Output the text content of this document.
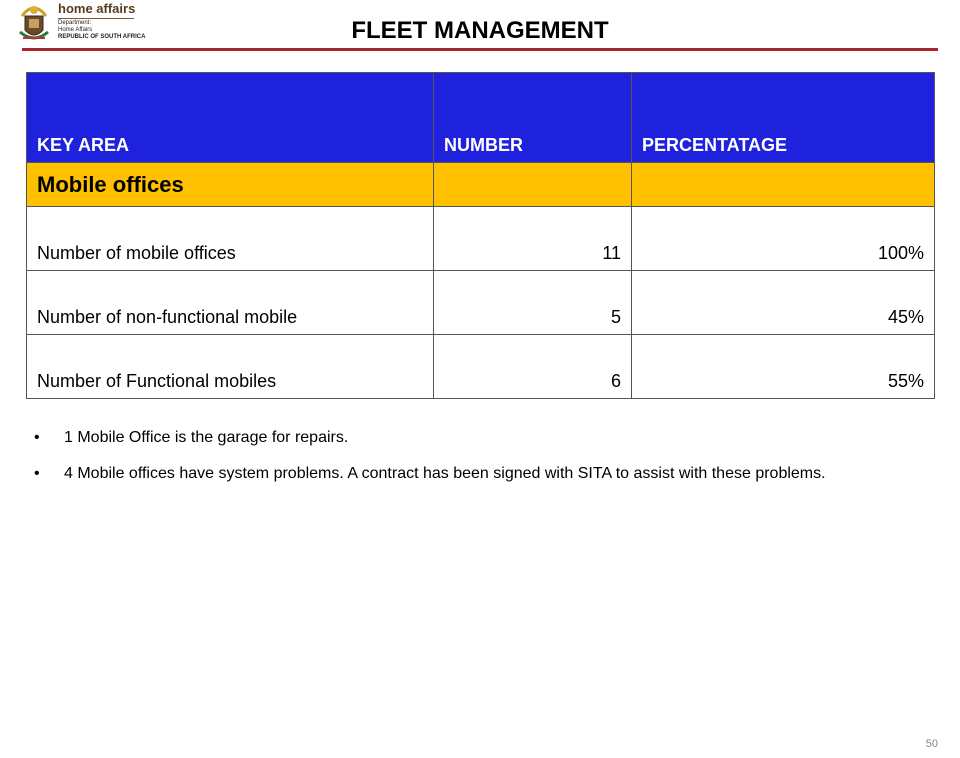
home affairs
Department:
Home Affairs
REPUBLIC OF SOUTH AFRICA	FLEET MANAGEMENT
KEY AREA	NUMBER	PERCENTATAGE
Mobile offices		
Number of mobile offices	11	100%
Number of non-functional mobile	5	45%
Number of Functional mobiles	6	55%
• 1 Mobile Office is the garage for repairs.
• 4 Mobile offices have system problems. A contract has been signed with SITA to assist with these problems.
50
